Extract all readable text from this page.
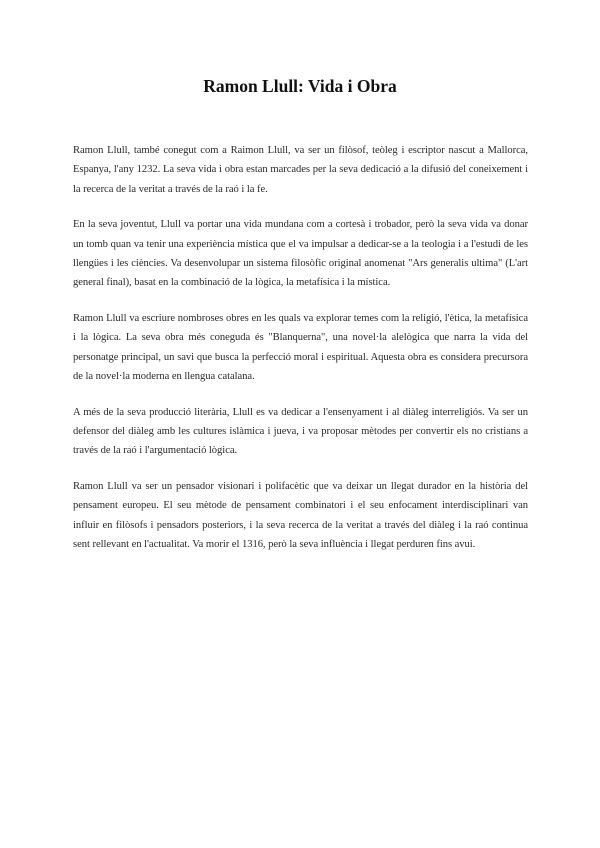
Ramon Llull: Vida i Obra

Ramon Llull, també conegut com a Raimon Llull, va ser un filòsof, teòleg i escriptor nascut a Mallorca, Espanya, l'any 1232. La seva vida i obra estan marcades per la seva dedicació a la difusió del coneixement i la recerca de la veritat a través de la raó i la fe.

En la seva joventut, Llull va portar una vida mundana com a cortesà i trobador, però la seva vida va donar un tomb quan va tenir una experiència mística que el va impulsar a dedicar-se a la teologia i a l'estudi de les llengües i les ciències. Va desenvolupar un sistema filosòfic original anomenat "Ars generalis ultima" (L'art general final), basat en la combinació de la lògica, la metafísica i la mística.

Ramon Llull va escriure nombroses obres en les quals va explorar temes com la religió, l'ètica, la metafísica i la lògica. La seva obra més coneguda és "Blanquerna", una novel·la alelògica que narra la vida del personatge principal, un savi que busca la perfecció moral i espiritual. Aquesta obra es considera precursora de la novel·la moderna en llengua catalana.

A més de la seva producció literària, Llull es va dedicar a l'ensenyament i al diàleg interreligiós. Va ser un defensor del diàleg amb les cultures islàmica i jueva, i va proposar mètodes per convertir els no cristians a través de la raó i l'argumentació lògica.

Ramon Llull va ser un pensador visionari i polifacètic que va deixar un llegat durador en la història del pensament europeu. El seu mètode de pensament combinatori i el seu enfocament interdisciplinari van influir en filòsofs i pensadors posteriors, i la seva recerca de la veritat a través del diàleg i la raó continua sent rellevant en l'actualitat. Va morir el 1316, però la seva influència i llegat perduren fins avui.
